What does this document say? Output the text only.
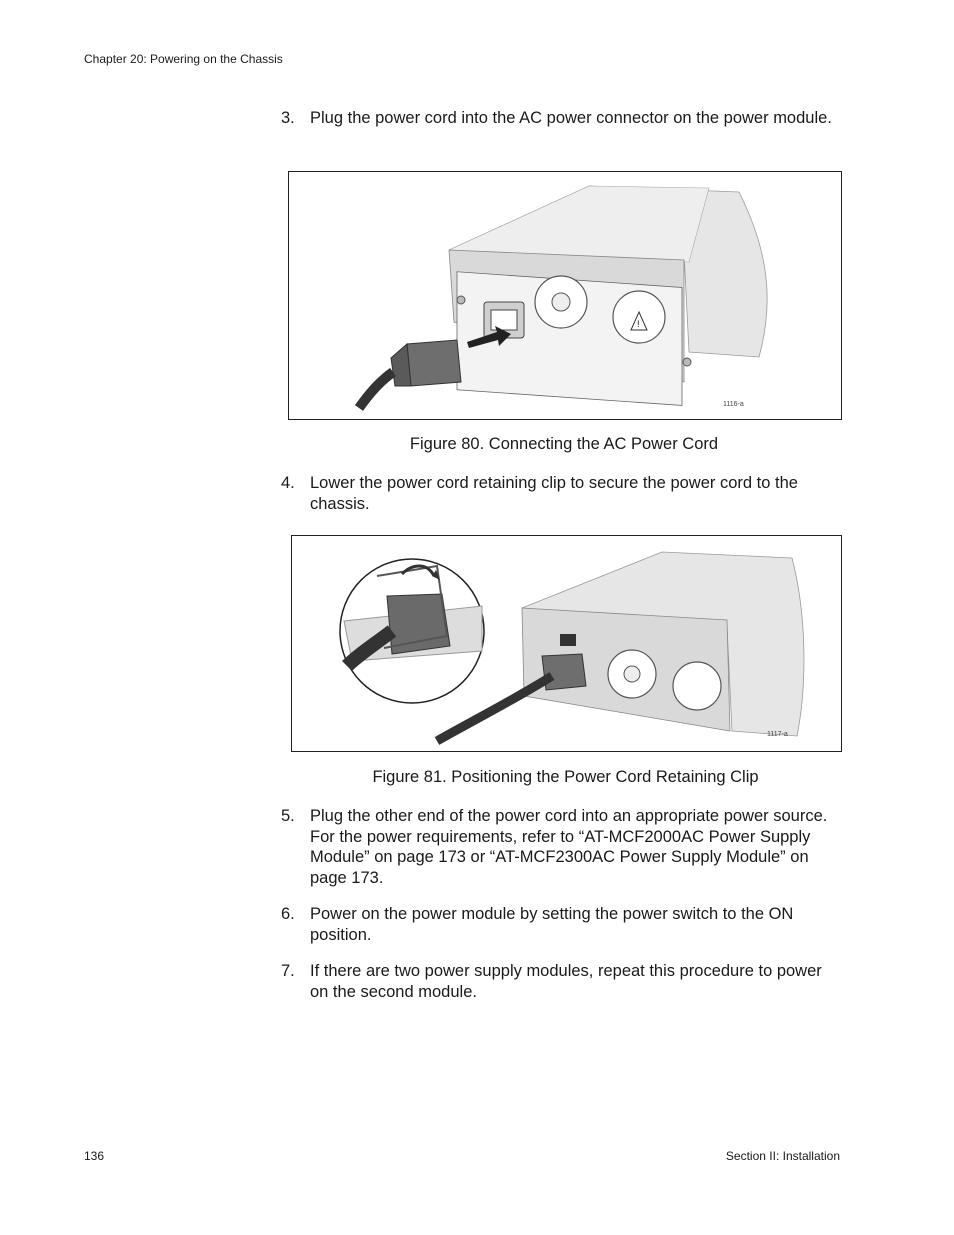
Chapter 20: Powering on the Chassis
3. Plug the power cord into the AC power connector on the power module.
!
1116-a
Figure 80. Connecting the AC Power Cord
4. Lower the power cord retaining clip to secure the power cord to the chassis.
1117-a
Figure 81. Positioning the Power Cord Retaining Clip
5. Plug the other end of the power cord into an appropriate power source. For the power requirements, refer to “AT-MCF2000AC Power Supply Module” on page 173 or “AT-MCF2300AC Power Supply Module” on page 173.
6. Power on the power module by setting the power switch to the ON position.
7. If there are two power supply modules, repeat this procedure to power on the second module.
136	Section II: Installation
